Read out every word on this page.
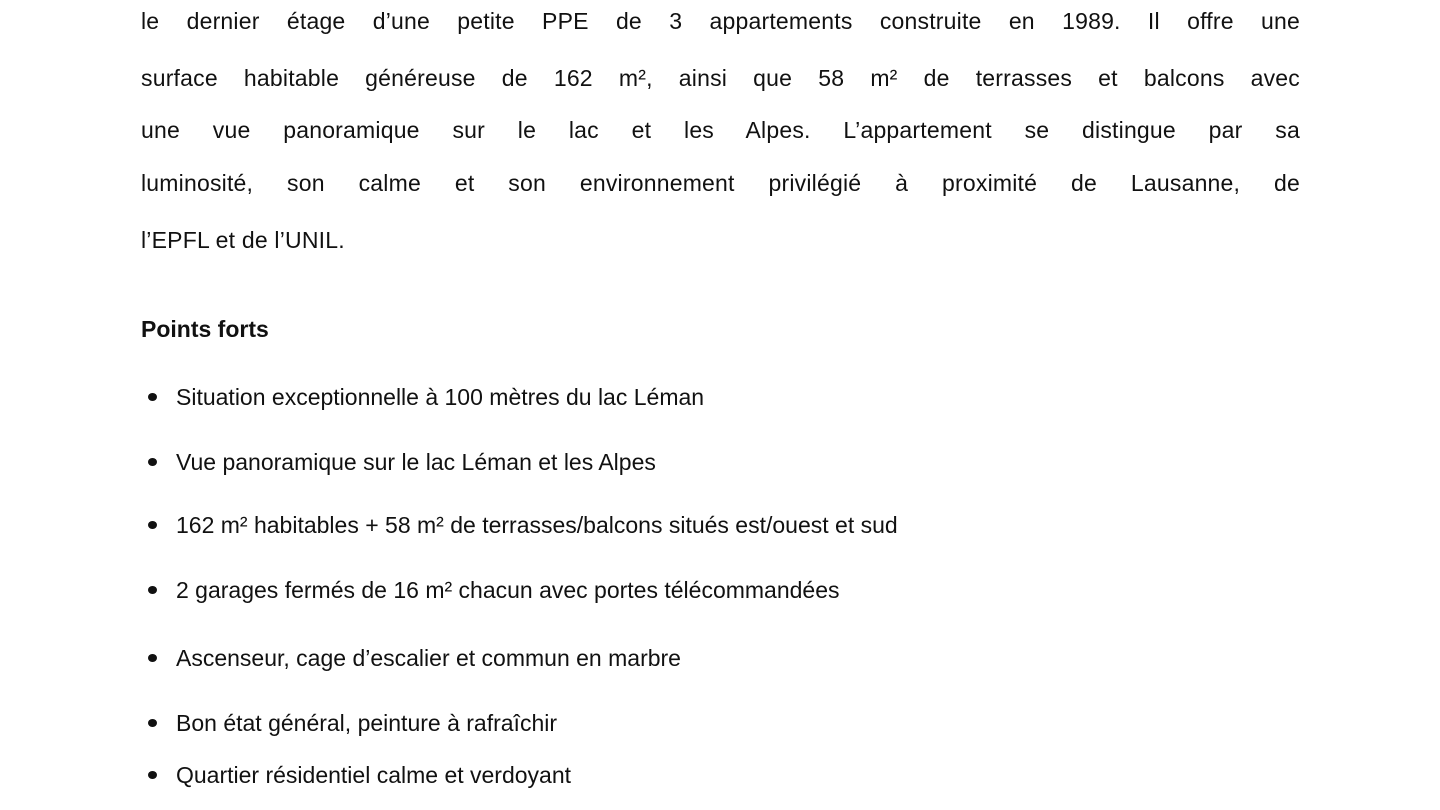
le dernier étage d’une petite PPE de 3 appartements construite en 1989. Il offre une
surface habitable généreuse de 162 m², ainsi que 58 m² de terrasses et balcons avec
une vue panoramique sur le lac et les Alpes. L’appartement se distingue par sa
luminosité, son calme et son environnement privilégié à proximité de Lausanne, de
l’EPFL et de l’UNIL.
Points forts
Situation exceptionnelle à 100 mètres du lac Léman
Vue panoramique sur le lac Léman et les Alpes
162 m² habitables + 58 m² de terrasses/balcons situés est/ouest et sud
2 garages fermés de 16 m² chacun avec portes télécommandées
Ascenseur, cage d’escalier et commun en marbre
Bon état général, peinture à rafraîchir
Quartier résidentiel calme et verdoyant
